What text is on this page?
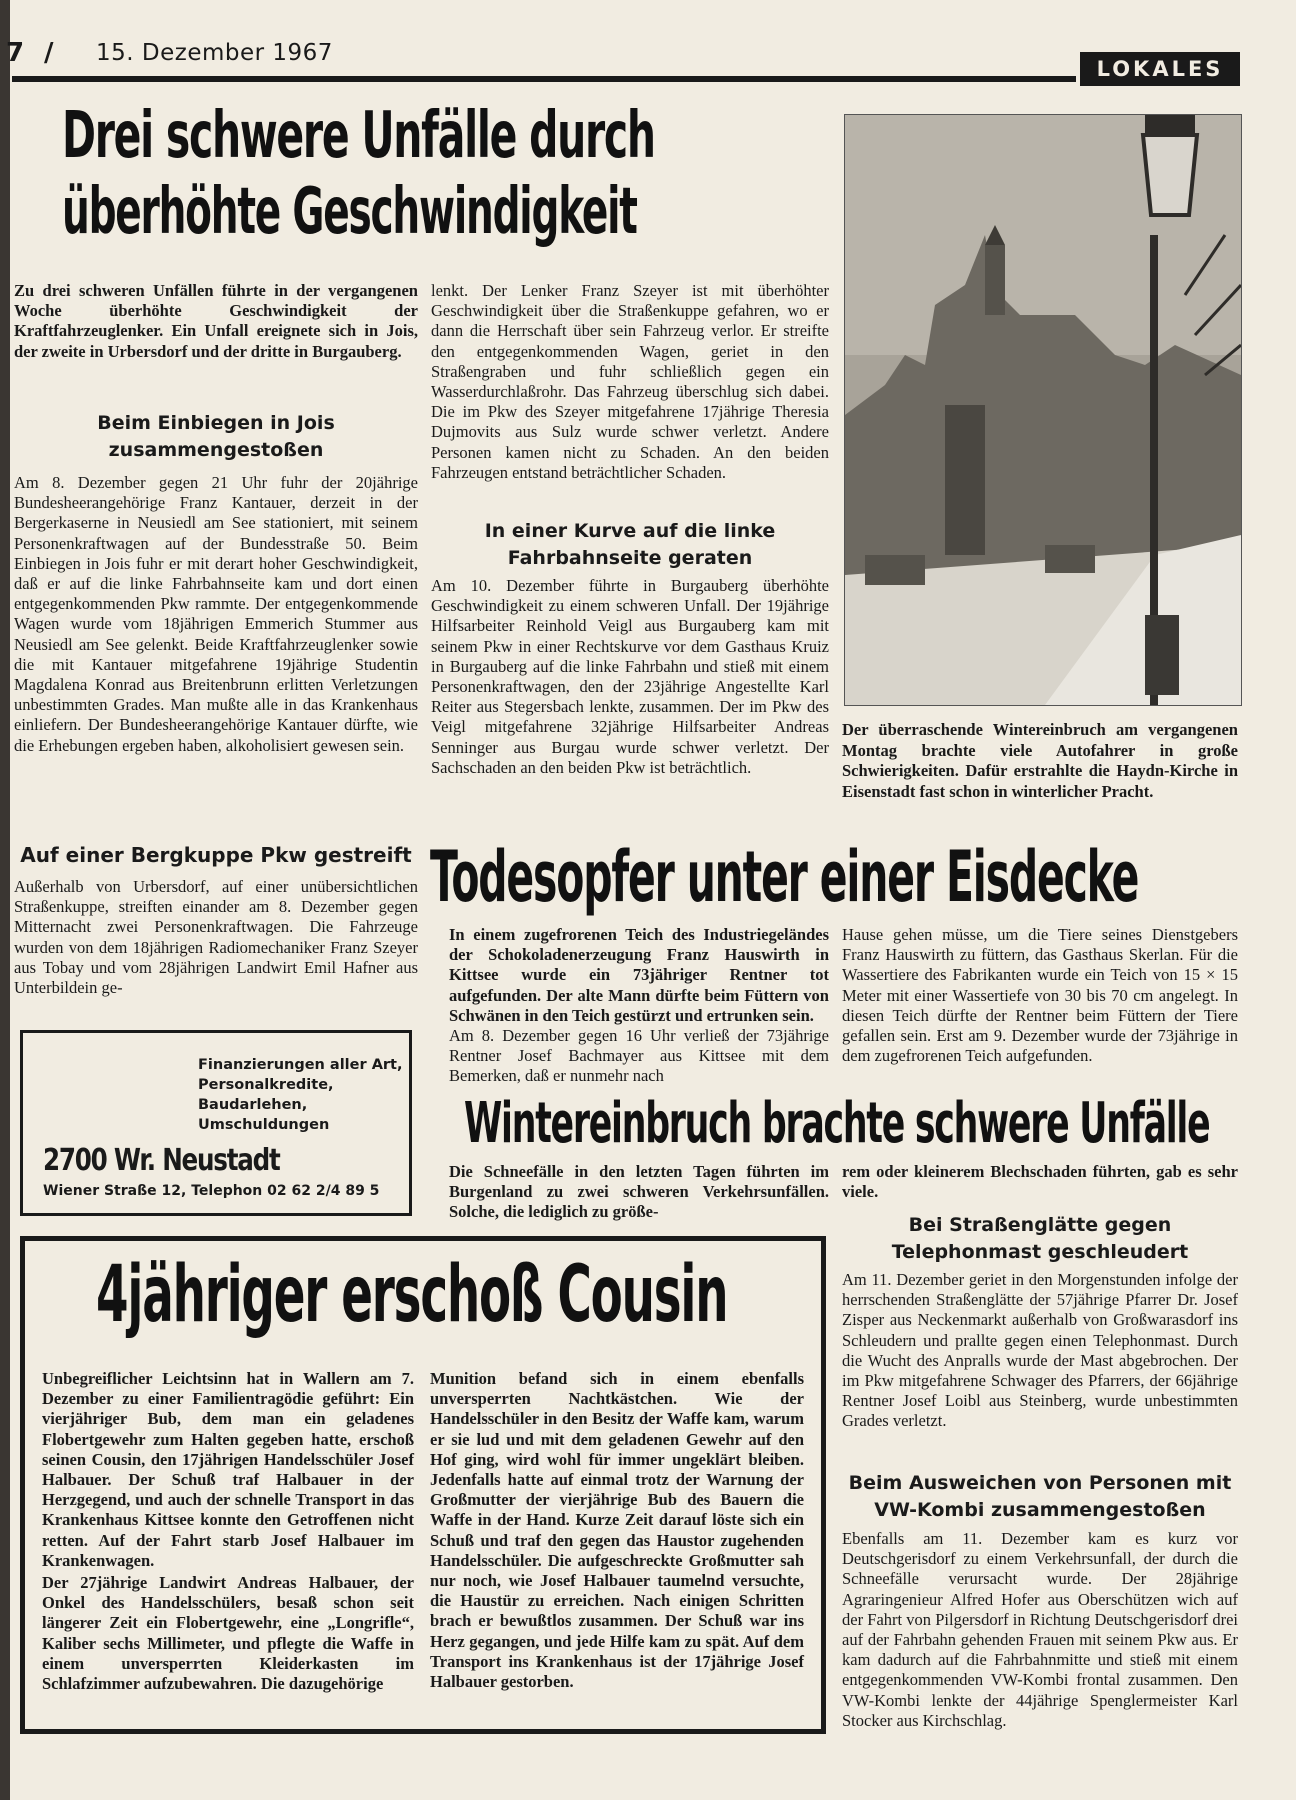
7 / 15. Dezember 1967
LOKALES
Drei schwere Unfälle durch
überhöhte Geschwindigkeit
Zu drei schweren Unfällen führte in der vergangenen Woche überhöhte Geschwindigkeit der Kraftfahrzeuglenker. Ein Unfall ereignete sich in Jois, der zweite in Urbersdorf und der dritte in Burgauberg.
Beim Einbiegen in Jois zusammengestoßen
Am 8. Dezember gegen 21 Uhr fuhr der 20jährige Bundesheerangehörige Franz Kantauer, derzeit in der Bergerkaserne in Neusiedl am See stationiert, mit seinem Personenkraftwagen auf der Bundesstraße 50. Beim Einbiegen in Jois fuhr er mit derart hoher Geschwindigkeit, daß er auf die linke Fahrbahnseite kam und dort einen entgegenkommenden Pkw rammte. Der entgegenkommende Wagen wurde vom 18jährigen Emmerich Stummer aus Neusiedl am See gelenkt. Beide Kraftfahrzeuglenker sowie die mit Kantauer mitgefahrene 19jährige Studentin Magdalena Konrad aus Breitenbrunn erlitten Verletzungen unbestimmten Grades. Man mußte alle in das Krankenhaus einliefern. Der Bundesheerangehörige Kantauer dürfte, wie die Erhebungen ergeben haben, alkoholisiert gewesen sein.
Auf einer Bergkuppe Pkw gestreift
Außerhalb von Urbersdorf, auf einer unübersichtlichen Straßenkuppe, streiften einander am 8. Dezember gegen Mitternacht zwei Personenkraftwagen. Die Fahrzeuge wurden von dem 18jährigen Radiomechaniker Franz Szeyer aus Tobay und vom 28jährigen Landwirt Emil Hafner aus Unterbildein ge-
lenkt. Der Lenker Franz Szeyer ist mit überhöhter Geschwindigkeit über die Straßenkuppe gefahren, wo er dann die Herrschaft über sein Fahrzeug verlor. Er streifte den entgegenkommenden Wagen, geriet in den Straßengraben und fuhr schließlich gegen ein Wasserdurchlaßrohr. Das Fahrzeug überschlug sich dabei. Die im Pkw des Szeyer mitgefahrene 17jährige Theresia Dujmovits aus Sulz wurde schwer verletzt. Andere Personen kamen nicht zu Schaden. An den beiden Fahrzeugen entstand beträchtlicher Schaden.
In einer Kurve auf die linke Fahrbahnseite geraten
Am 10. Dezember führte in Burgauberg überhöhte Geschwindigkeit zu einem schweren Unfall. Der 19jährige Hilfsarbeiter Reinhold Veigl aus Burgauberg kam mit seinem Pkw in einer Rechtskurve vor dem Gasthaus Kruiz in Burgauberg auf die linke Fahrbahn und stieß mit einem Personenkraftwagen, den der 23jährige Angestellte Karl Reiter aus Stegersbach lenkte, zusammen. Der im Pkw des Veigl mitgefahrene 32jährige Hilfsarbeiter Andreas Senninger aus Burgau wurde schwer verletzt. Der Sachschaden an den beiden Pkw ist beträchtlich.
Der überraschende Wintereinbruch am vergangenen Montag brachte viele Autofahrer in große Schwierigkeiten. Dafür erstrahlte die Haydn-Kirche in Eisenstadt fast schon in winterlicher Pracht.
Todesopfer unter einer Eisdecke
In einem zugefrorenen Teich des Industriegeländes der Schokoladenerzeugung Franz Hauswirth in Kittsee wurde ein 73jähriger Rentner tot aufgefunden. Der alte Mann dürfte beim Füttern von Schwänen in den Teich gestürzt und ertrunken sein.
Am 8. Dezember gegen 16 Uhr verließ der 73jährige Rentner Josef Bachmayer aus Kittsee mit dem Bemerken, daß er nunmehr nach
Hause gehen müsse, um die Tiere seines Dienstgebers Franz Hauswirth zu füttern, das Gasthaus Skerlan. Für die Wassertiere des Fabrikanten wurde ein Teich von 15 × 15 Meter mit einer Wassertiefe von 30 bis 70 cm angelegt. In diesen Teich dürfte der Rentner beim Füttern der Tiere gefallen sein. Erst am 9. Dezember wurde der 73jährige in dem zugefrorenen Teich aufgefunden.
Finanzierungen aller Art,
Personalkredite,
Baudarlehen,
Umschuldungen
2700 Wr. Neustadt
Wiener Straße 12, Telephon 02 62 2/4 89 5
Wintereinbruch brachte schwere Unfälle
Die Schneefälle in den letzten Tagen führten im Burgenland zu zwei schweren Verkehrsunfällen. Solche, die lediglich zu größe-
rem oder kleinerem Blechschaden führten, gab es sehr viele.
Bei Straßenglätte gegen Telephonmast geschleudert
Am 11. Dezember geriet in den Morgenstunden infolge der herrschenden Straßenglätte der 57jährige Pfarrer Dr. Josef Zisper aus Neckenmarkt außerhalb von Großwarasdorf ins Schleudern und prallte gegen einen Telephonmast. Durch die Wucht des Anpralls wurde der Mast abgebrochen. Der im Pkw mitgefahrene Schwager des Pfarrers, der 66jährige Rentner Josef Loibl aus Steinberg, wurde unbestimmten Grades verletzt.
Beim Ausweichen von Personen mit VW-Kombi zusammengestoßen
Ebenfalls am 11. Dezember kam es kurz vor Deutschgerisdorf zu einem Verkehrsunfall, der durch die Schneefälle verursacht wurde. Der 28jährige Agraringenieur Alfred Hofer aus Oberschützen wich auf der Fahrt von Pilgersdorf in Richtung Deutschgerisdorf drei auf der Fahrbahn gehenden Frauen mit seinem Pkw aus. Er kam dadurch auf die Fahrbahnmitte und stieß mit einem entgegenkommenden VW-Kombi frontal zusammen. Den VW-Kombi lenkte der 44jährige Spenglermeister Karl Stocker aus Kirchschlag.
4jähriger erschoß Cousin
Unbegreiflicher Leichtsinn hat in Wallern am 7. Dezember zu einer Familientragödie geführt: Ein vierjähriger Bub, dem man ein geladenes Flobertgewehr zum Halten gegeben hatte, erschoß seinen Cousin, den 17jährigen Handelsschüler Josef Halbauer. Der Schuß traf Halbauer in der Herzgegend, und auch der schnelle Transport in das Krankenhaus Kittsee konnte den Getroffenen nicht retten. Auf der Fahrt starb Josef Halbauer im Krankenwagen.
Der 27jährige Landwirt Andreas Halbauer, der Onkel des Handelsschülers, besaß schon seit längerer Zeit ein Flobertgewehr, eine „Longrifle“, Kaliber sechs Millimeter, und pflegte die Waffe in einem unversperrten Kleiderkasten im Schlafzimmer aufzubewahren. Die dazugehörige
Munition befand sich in einem ebenfalls unversperrten Nachtkästchen. Wie der Handelsschüler in den Besitz der Waffe kam, warum er sie lud und mit dem geladenen Gewehr auf den Hof ging, wird wohl für immer ungeklärt bleiben. Jedenfalls hatte auf einmal trotz der Warnung der Großmutter der vierjährige Bub des Bauern die Waffe in der Hand. Kurze Zeit darauf löste sich ein Schuß und traf den gegen das Haustor zugehenden Handelsschüler. Die aufgeschreckte Großmutter sah nur noch, wie Josef Halbauer taumelnd versuchte, die Haustür zu erreichen. Nach einigen Schritten brach er bewußtlos zusammen. Der Schuß war ins Herz gegangen, und jede Hilfe kam zu spät. Auf dem Transport ins Krankenhaus ist der 17jährige Josef Halbauer gestorben.
